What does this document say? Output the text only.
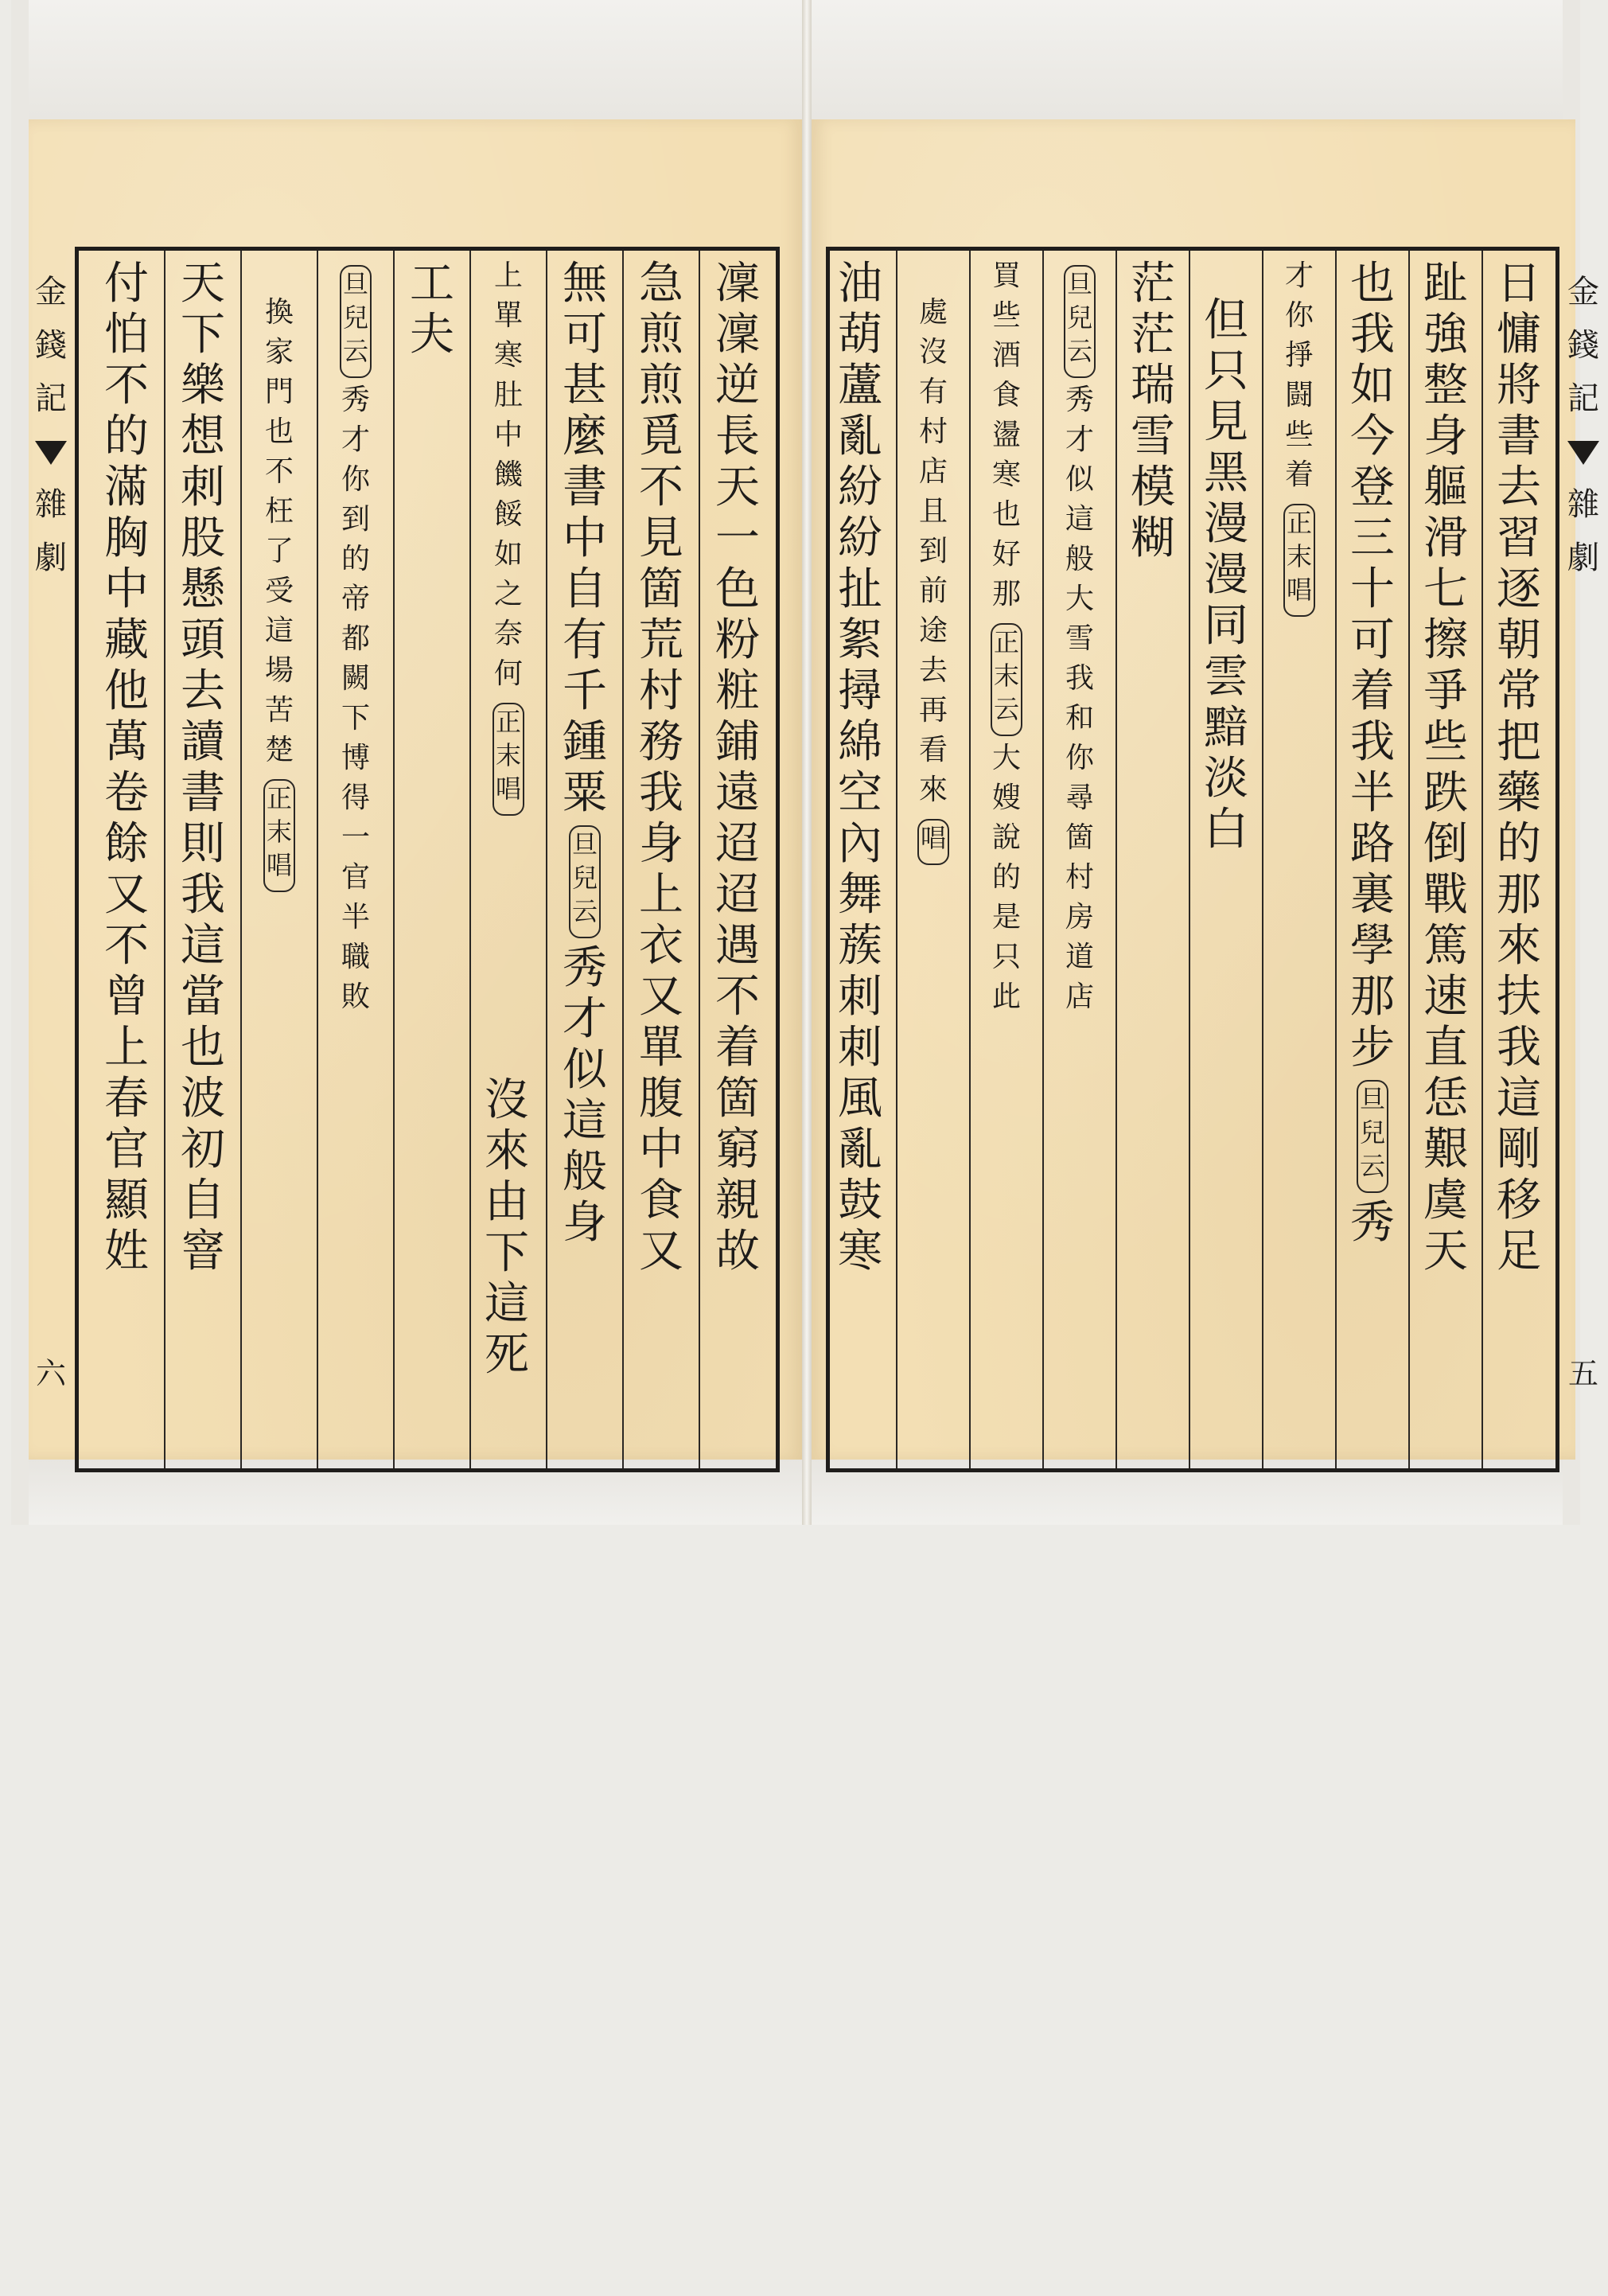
金
錢
記
雜
劇
六
凜
凜
逆
長
天
一
色
粉
粧
鋪
遠
迢
迢
遇
不
着
箇
窮
親
故
急
煎
煎
覓
不
見
箇
荒
村
務
我
身
上
衣
又
單
腹
中
食
又
無
可
甚
麼
書
中
自
有
千
鍾
粟
旦
兒
云
秀
才
似
這
般
身
上
單
寒
肚
中
饑
餒
如
之
奈
何
正
末
唱
沒
來
由
下
這
死
工
夫
旦
兒
云
秀
才
你
到
的
帝
都
闕
下
博
得
一
官
半
職
敗
換
家
門
也
不
枉
了
受
這
場
苦
楚
正
末
唱
天
下
樂
想
刺
股
懸
頭
去
讀
書
則
我
這
當
也
波
初
自
窨
付
怕
不
的
滿
胸
中
藏
他
萬
卷
餘
又
不
曾
上
春
官
顯
姓
金
錢
記
雜
劇
五
日
慵
將
書
去
習
逐
朝
常
把
藥
的
那
來
扶
我
這
剛
移
足
趾
強
整
身
軀
滑
七
擦
爭
些
跌
倒
戰
篤
速
直
恁
艱
虞
天
也
我
如
今
登
三
十
可
着
我
半
路
裏
學
那
步
旦
兒
云
秀
才
你
掙
闘
些
着
正
末
唱
但
只
見
黑
漫
漫
同
雲
黯
淡
白
茫
茫
瑞
雪
模
糊
旦
兒
云
秀
才
似
這
般
大
雪
我
和
你
尋
箇
村
房
道
店
買
些
酒
食
盪
寒
也
好
那
正
末
云
大
嫂
說
的
是
只
此
處
沒
有
村
店
且
到
前
途
去
再
看
來
唱
油
葫
蘆
亂
紛
紛
扯
絮
撏
綿
空
內
舞
蔟
刺
刺
風
亂
鼓
寒
